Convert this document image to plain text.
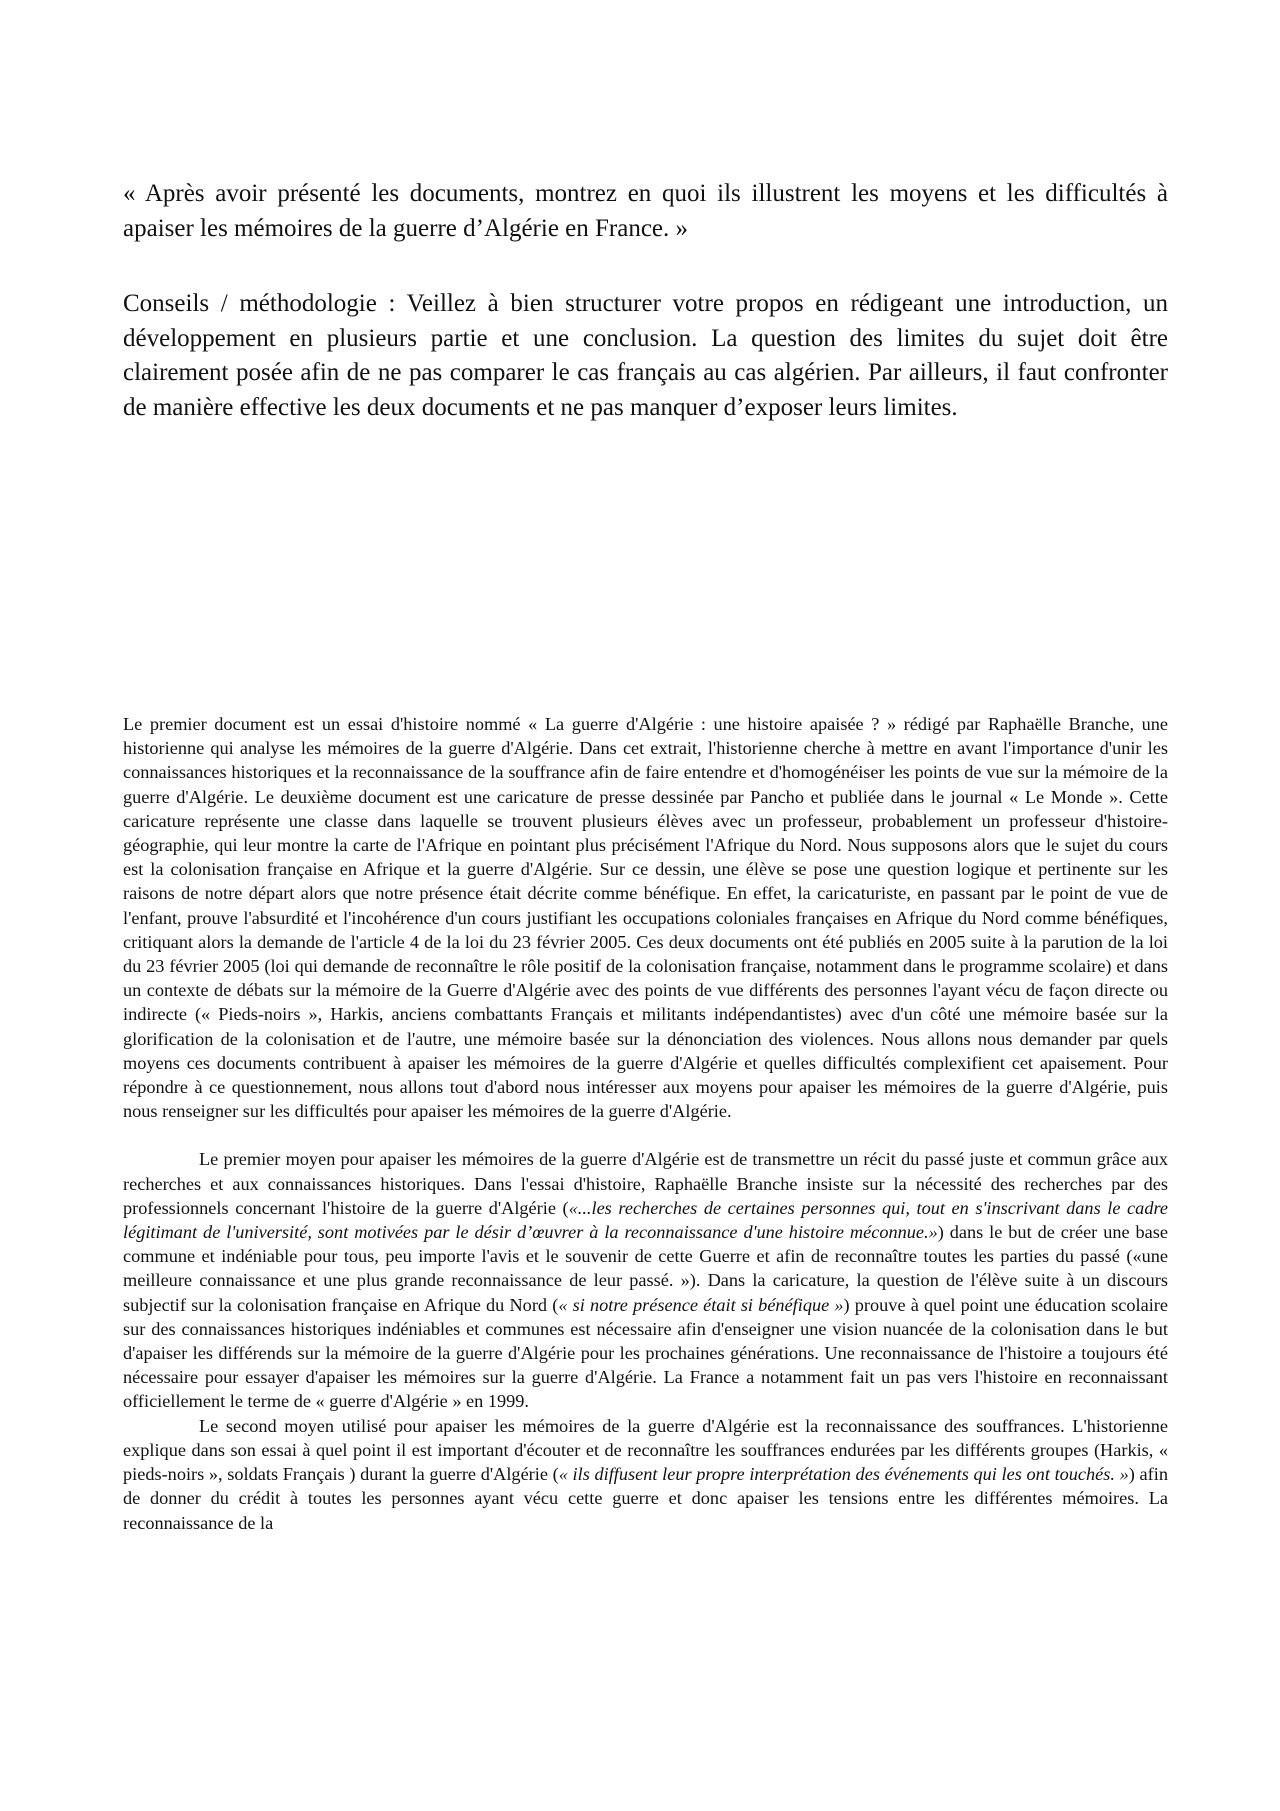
« Après avoir présenté les documents, montrez en quoi ils illustrent les moyens et les difficultés à apaiser les mémoires de la guerre d’Algérie en France. »

Conseils / méthodologie : Veillez à bien structurer votre propos en rédigeant une introduction, un développement en plusieurs partie et une conclusion. La question des limites du sujet doit être clairement posée afin de ne pas comparer le cas français au cas algérien. Par ailleurs, il faut confronter de manière effective les deux documents et ne pas manquer d’exposer leurs limites.

Le premier document est un essai d'histoire nommé « La guerre d'Algérie : une histoire apaisée ? » rédigé par Raphaëlle Branche, une historienne qui analyse les mémoires de la guerre d'Algérie. Dans cet extrait, l'historienne cherche à mettre en avant l'importance d'unir les connaissances historiques et la reconnaissance de la souffrance afin de faire entendre et d'homogénéiser les points de vue sur la mémoire de la guerre d'Algérie. Le deuxième document est une caricature de presse dessinée par Pancho et publiée dans le journal « Le Monde ». Cette caricature représente une classe dans laquelle se trouvent plusieurs élèves avec un professeur, probablement un professeur d'histoire-géographie, qui leur montre la carte de l'Afrique en pointant plus précisément l'Afrique du Nord. Nous supposons alors que le sujet du cours est la colonisation française en Afrique et la guerre d'Algérie. Sur ce dessin, une élève se pose une question logique et pertinente sur les raisons de notre départ alors que notre présence était décrite comme bénéfique. En effet, la caricaturiste, en passant par le point de vue de l'enfant, prouve l'absurdité et l'incohérence d'un cours justifiant les occupations coloniales françaises en Afrique du Nord comme bénéfiques, critiquant alors la demande de l'article 4 de la loi du 23 février 2005. Ces deux documents ont été publiés en 2005 suite à la parution de la loi du 23 février 2005 (loi qui demande de reconnaître le rôle positif de la colonisation française, notamment dans le programme scolaire) et dans un contexte de débats sur la mémoire de la Guerre d'Algérie avec des points de vue différents des personnes l'ayant vécu de façon directe ou indirecte (« Pieds-noirs », Harkis, anciens combattants Français et militants indépendantistes) avec d'un côté une mémoire basée sur la glorification de la colonisation et de l'autre, une mémoire basée sur la dénonciation des violences. Nous allons nous demander par quels moyens ces documents contribuent à apaiser les mémoires de la guerre d'Algérie et quelles difficultés complexifient cet apaisement. Pour répondre à ce questionnement, nous allons tout d'abord nous intéresser aux moyens pour apaiser les mémoires de la guerre d'Algérie, puis nous renseigner sur les difficultés pour apaiser les mémoires de la guerre d'Algérie.

Le premier moyen pour apaiser les mémoires de la guerre d'Algérie est de transmettre un récit du passé juste et commun grâce aux recherches et aux connaissances historiques. Dans l'essai d'histoire, Raphaëlle Branche insiste sur la nécessité des recherches par des professionnels concernant l'histoire de la guerre d'Algérie («...les recherches de certaines personnes qui, tout en s'inscrivant dans le cadre légitimant de l'université, sont motivées par le désir d’œuvrer à la reconnaissance d'une histoire méconnue.») dans le but de créer une base commune et indéniable pour tous, peu importe l'avis et le souvenir de cette Guerre et afin de reconnaître toutes les parties du passé («une meilleure connaissance et une plus grande reconnaissance de leur passé. »). Dans la caricature, la question de l'élève suite à un discours subjectif sur la colonisation française en Afrique du Nord (« si notre présence était si bénéfique ») prouve à quel point une éducation scolaire sur des connaissances historiques indéniables et communes est nécessaire afin d'enseigner une vision nuancée de la colonisation dans le but d'apaiser les différends sur la mémoire de la guerre d'Algérie pour les prochaines générations. Une reconnaissance de l'histoire a toujours été nécessaire pour essayer d'apaiser les mémoires sur la guerre d'Algérie. La France a notamment fait un pas vers l'histoire en reconnaissant officiellement le terme de « guerre d'Algérie » en 1999.

Le second moyen utilisé pour apaiser les mémoires de la guerre d'Algérie est la reconnaissance des souffrances. L'historienne explique dans son essai à quel point il est important d'écouter et de reconnaître les souffrances endurées par les différents groupes (Harkis, « pieds-noirs », soldats Français ) durant la guerre d'Algérie (« ils diffusent leur propre interprétation des événements qui les ont touchés. ») afin de donner du crédit à toutes les personnes ayant vécu cette guerre et donc apaiser les tensions entre les différentes mémoires. La reconnaissance de la
